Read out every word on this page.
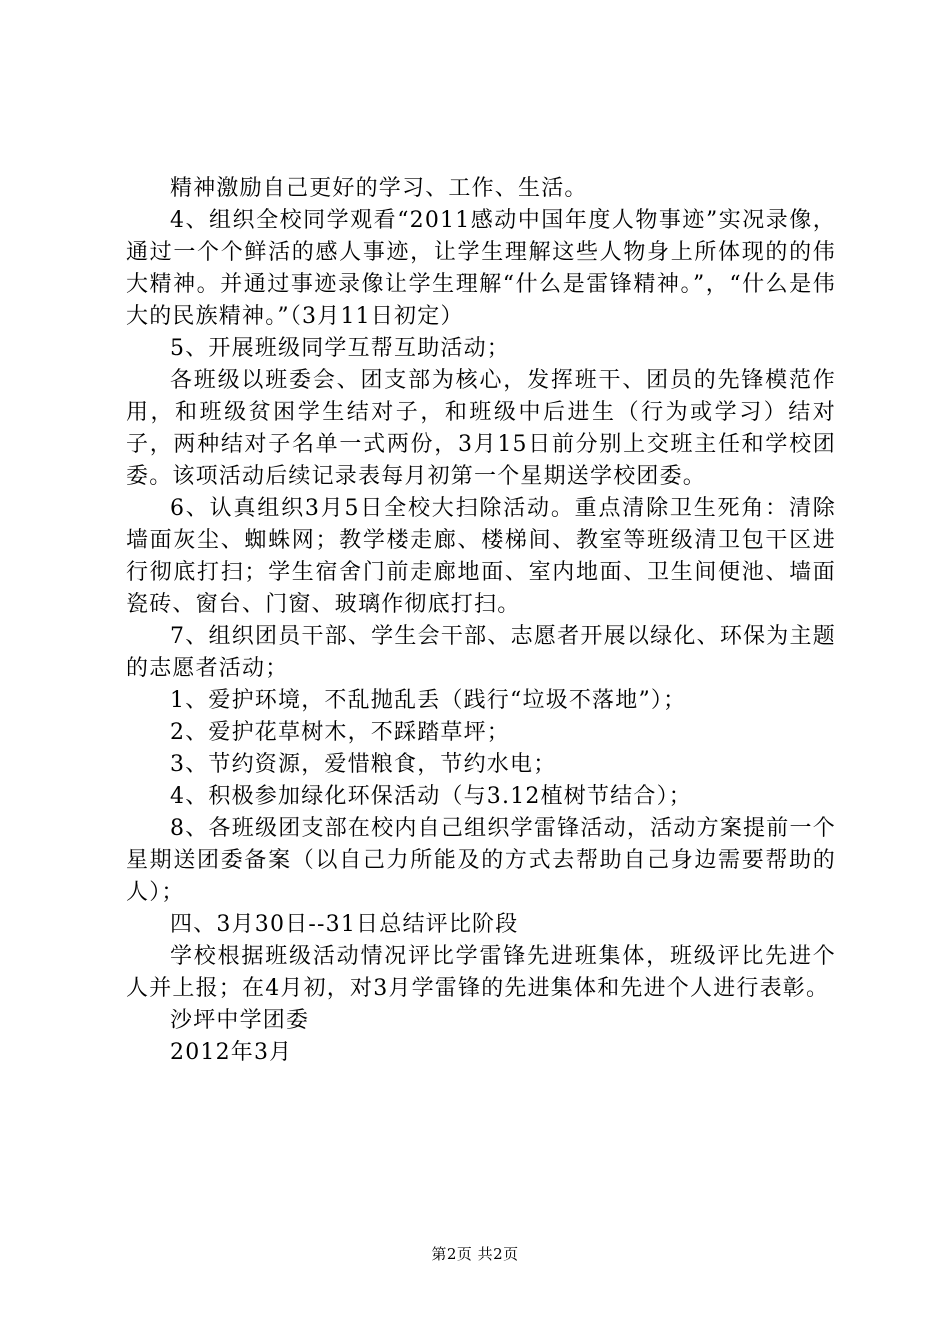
精神激励自己更好的学习、工作、生活。

4、组织全校同学观看“2011感动中国年度人物事迹”实况录像，通过一个个鲜活的感人事迹，让学生理解这些人物身上所体现的的伟大精神。并通过事迹录像让学生理解“什么是雷锋精神。”，“什么是伟大的民族精神。”（3月11日初定）

5、开展班级同学互帮互助活动；

各班级以班委会、团支部为核心，发挥班干、团员的先锋模范作用，和班级贫困学生结对子，和班级中后进生（行为或学习）结对子，两种结对子名单一式两份，3月15日前分别上交班主任和学校团委。该项活动后续记录表每月初第一个星期送学校团委。

6、认真组织3月5日全校大扫除活动。重点清除卫生死角：清除墙面灰尘、蜘蛛网；教学楼走廊、楼梯间、教室等班级清卫包干区进行彻底打扫；学生宿舍门前走廊地面、室内地面、卫生间便池、墙面瓷砖、窗台、门窗、玻璃作彻底打扫。

7、组织团员干部、学生会干部、志愿者开展以绿化、环保为主题的志愿者活动；

1、爱护环境，不乱抛乱丢（践行“垃圾不落地”）；

2、爱护花草树木，不踩踏草坪；

3、节约资源，爱惜粮食，节约水电；

4、积极参加绿化环保活动（与3.12植树节结合）；

8、各班级团支部在校内自己组织学雷锋活动，活动方案提前一个星期送团委备案（以自己力所能及的方式去帮助自己身边需要帮助的人）；

四、3月30日--31日总结评比阶段

学校根据班级活动情况评比学雷锋先进班集体，班级评比先进个人并上报；在4月初，对3月学雷锋的先进集体和先进个人进行表彰。

沙坪中学团委

2012年3月

第2页 共2页
